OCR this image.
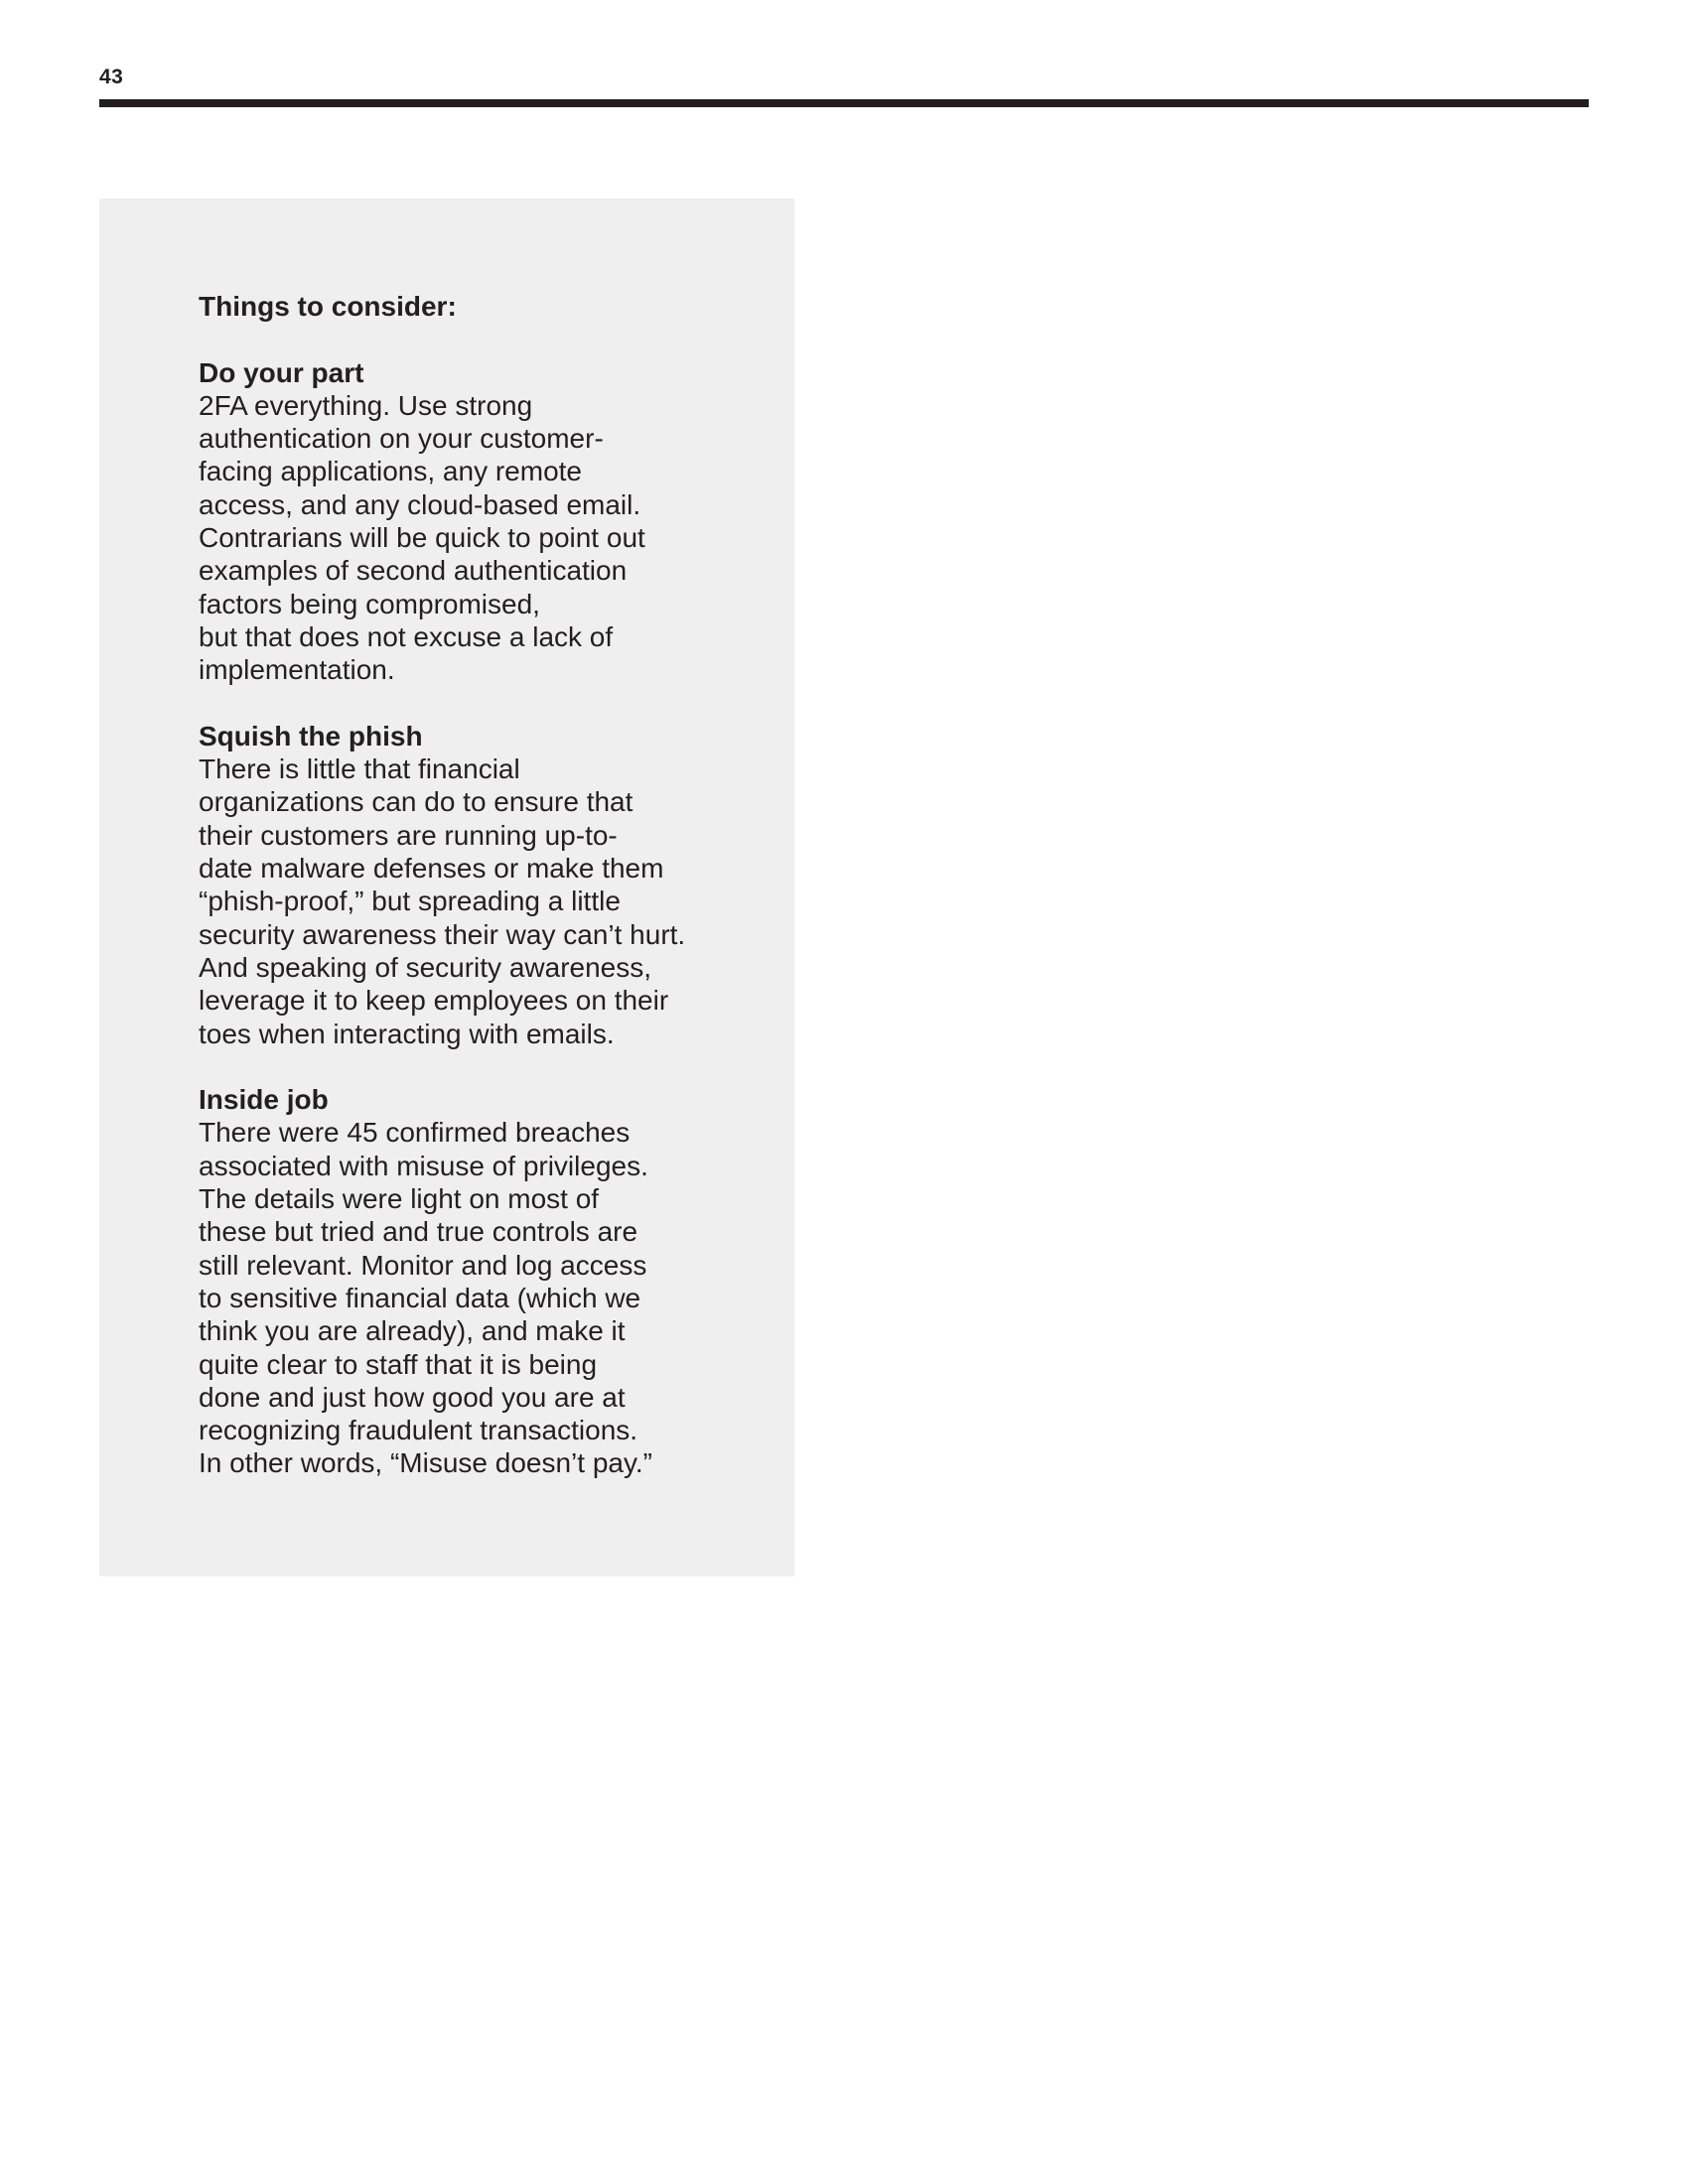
43
Things to consider:
Do your part
2FA everything. Use strong
authentication on your customer-
facing applications, any remote
access, and any cloud-based email.
Contrarians will be quick to point out
examples of second authentication
factors being compromised,
but that does not excuse a lack of
implementation.
Squish the phish
There is little that financial
organizations can do to ensure that
their customers are running up-to-
date malware defenses or make them
“phish-proof,” but spreading a little
security awareness their way can’t hurt.
And speaking of security awareness,
leverage it to keep employees on their
toes when interacting with emails.
Inside job
There were 45 confirmed breaches
associated with misuse of privileges.
The details were light on most of
these but tried and true controls are
still relevant. Monitor and log access
to sensitive financial data (which we
think you are already), and make it
quite clear to staff that it is being
done and just how good you are at
recognizing fraudulent transactions.
In other words, “Misuse doesn’t pay.”
